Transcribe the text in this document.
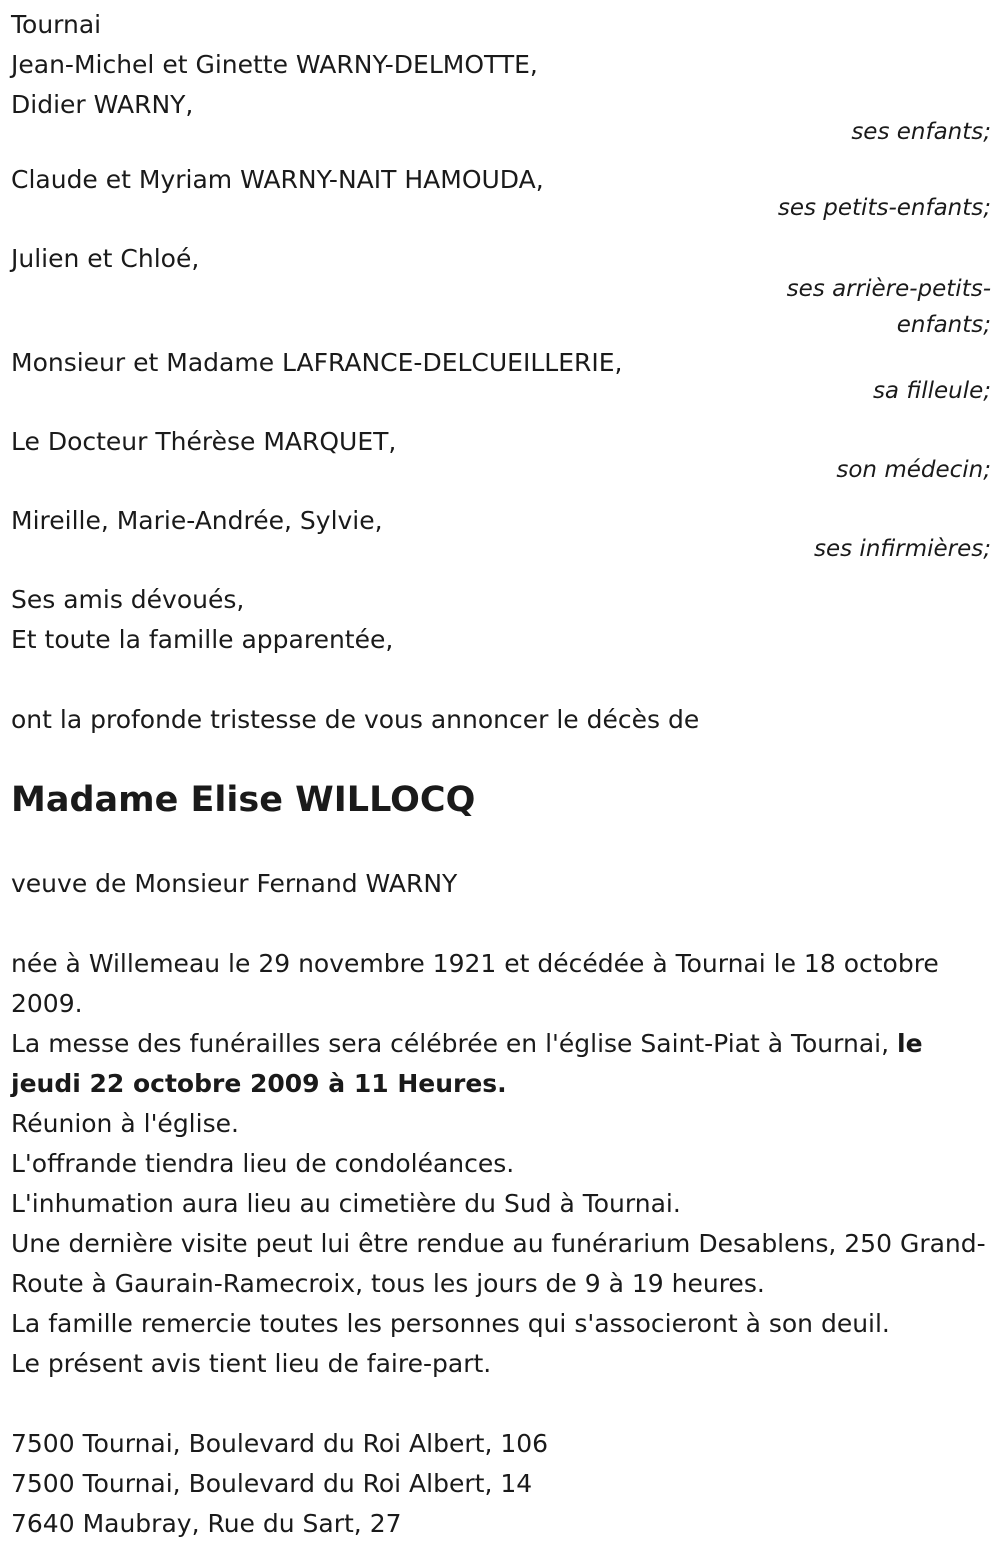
Tournai
Jean-Michel et Ginette WARNY-DELMOTTE,
Didier WARNY,
ses enfants;
Claude et Myriam WARNY-NAIT HAMOUDA,
ses petits-enfants;
Julien et Chloé,
ses arrière-petits-
enfants;
Monsieur et Madame LAFRANCE-DELCUEILLERIE,
sa filleule;
Le Docteur Thérèse MARQUET,
son médecin;
Mireille, Marie-Andrée, Sylvie,
ses infirmières;
Ses amis dévoués,
Et toute la famille apparentée,
ont la profonde tristesse de vous annoncer le décès de
Madame Elise WILLOCQ
veuve de Monsieur Fernand WARNY
née à Willemeau le 29 novembre 1921 et décédée à Tournai le 18 octobre 2009.
La messe des funérailles sera célébrée en l'église Saint-Piat à Tournai, le jeudi 22 octobre 2009 à 11 Heures.
Réunion à l'église.
L'offrande tiendra lieu de condoléances.
L'inhumation aura lieu au cimetière du Sud à Tournai.
Une dernière visite peut lui être rendue au funérarium Desablens, 250 Grand-Route à Gaurain-Ramecroix, tous les jours de 9 à 19 heures.
La famille remercie toutes les personnes qui s'associeront à son deuil.
Le présent avis tient lieu de faire-part.
7500 Tournai, Boulevard du Roi Albert, 106
7500 Tournai, Boulevard du Roi Albert, 14
7640 Maubray, Rue du Sart, 27
